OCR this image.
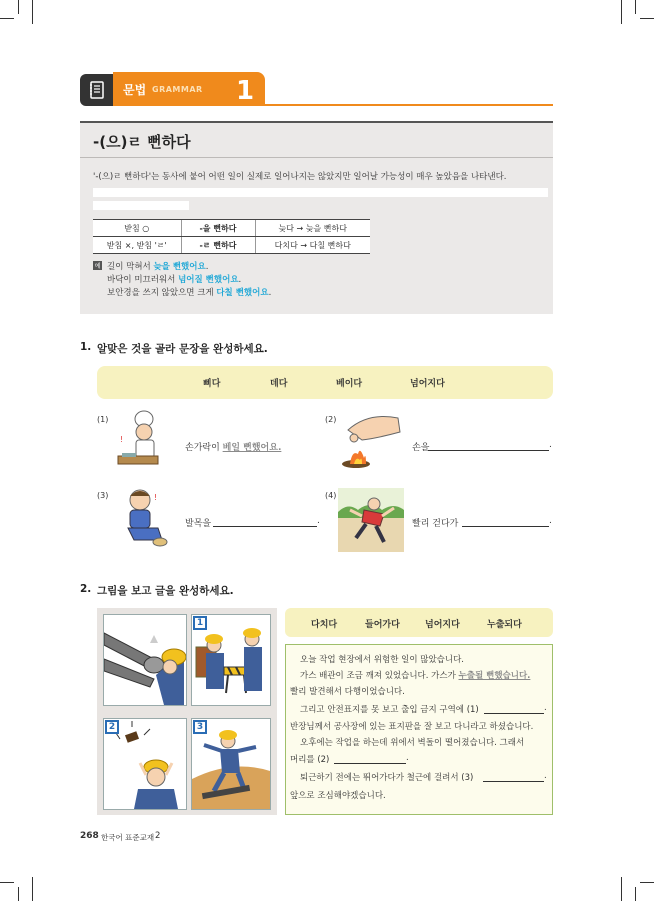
문법 GRAMMAR 1
-(으)ㄹ 뻔하다
'-(으)ㄹ 뻔하다'는 동사에 붙어 어떤 일이 실제로 일어나지는 않았지만 일어날 가능성이 매우 높았음을 나타낸다.
받침 ○	-을 뻔하다	늦다 → 늦을 뻔하다
받침 ×, 받침 'ㄹ'	-ㄹ 뻔하다	다치다 → 다칠 뻔하다
예 길이 막혀서 늦을 뻔했어요.
바닥이 미끄러워서 넘어질 뻔했어요.
보안경을 쓰지 않았으면 크게 다칠 뻔했어요.
1. 알맞은 것을 골라 문장을 완성하세요.
삐다	데다	베이다	넘어지다
(1)
!
손가락이 베일 뻔했어요.
(2)
손을	.
(3)	!
발목을	.
(4)
빨리 걷다가	.
2. 그림을 보고 글을 완성하세요.
1
2	3
다치다	들어가다	넘어지다	누출되다
오늘 작업 현장에서 위험한 일이 많았습니다.
가스 배관이 조금 깨져 있었습니다. 가스가 누출될 뻔했습니다.
빨리 발견해서 다행이었습니다.
그리고 안전표지를 못 보고 출입 금지 구역에 (1)	.
반장님께서 공사장에 있는 표지판을 잘 보고 다니라고 하셨습니다.
오후에는 작업을 하는데 위에서 벽돌이 떨어졌습니다. 그래서
머리를 (2)	.
퇴근하기 전에는 뛰어가다가 철근에 걸려서 (3)	.
앞으로 조심해야겠습니다.
268 한국어 표준교재 2
